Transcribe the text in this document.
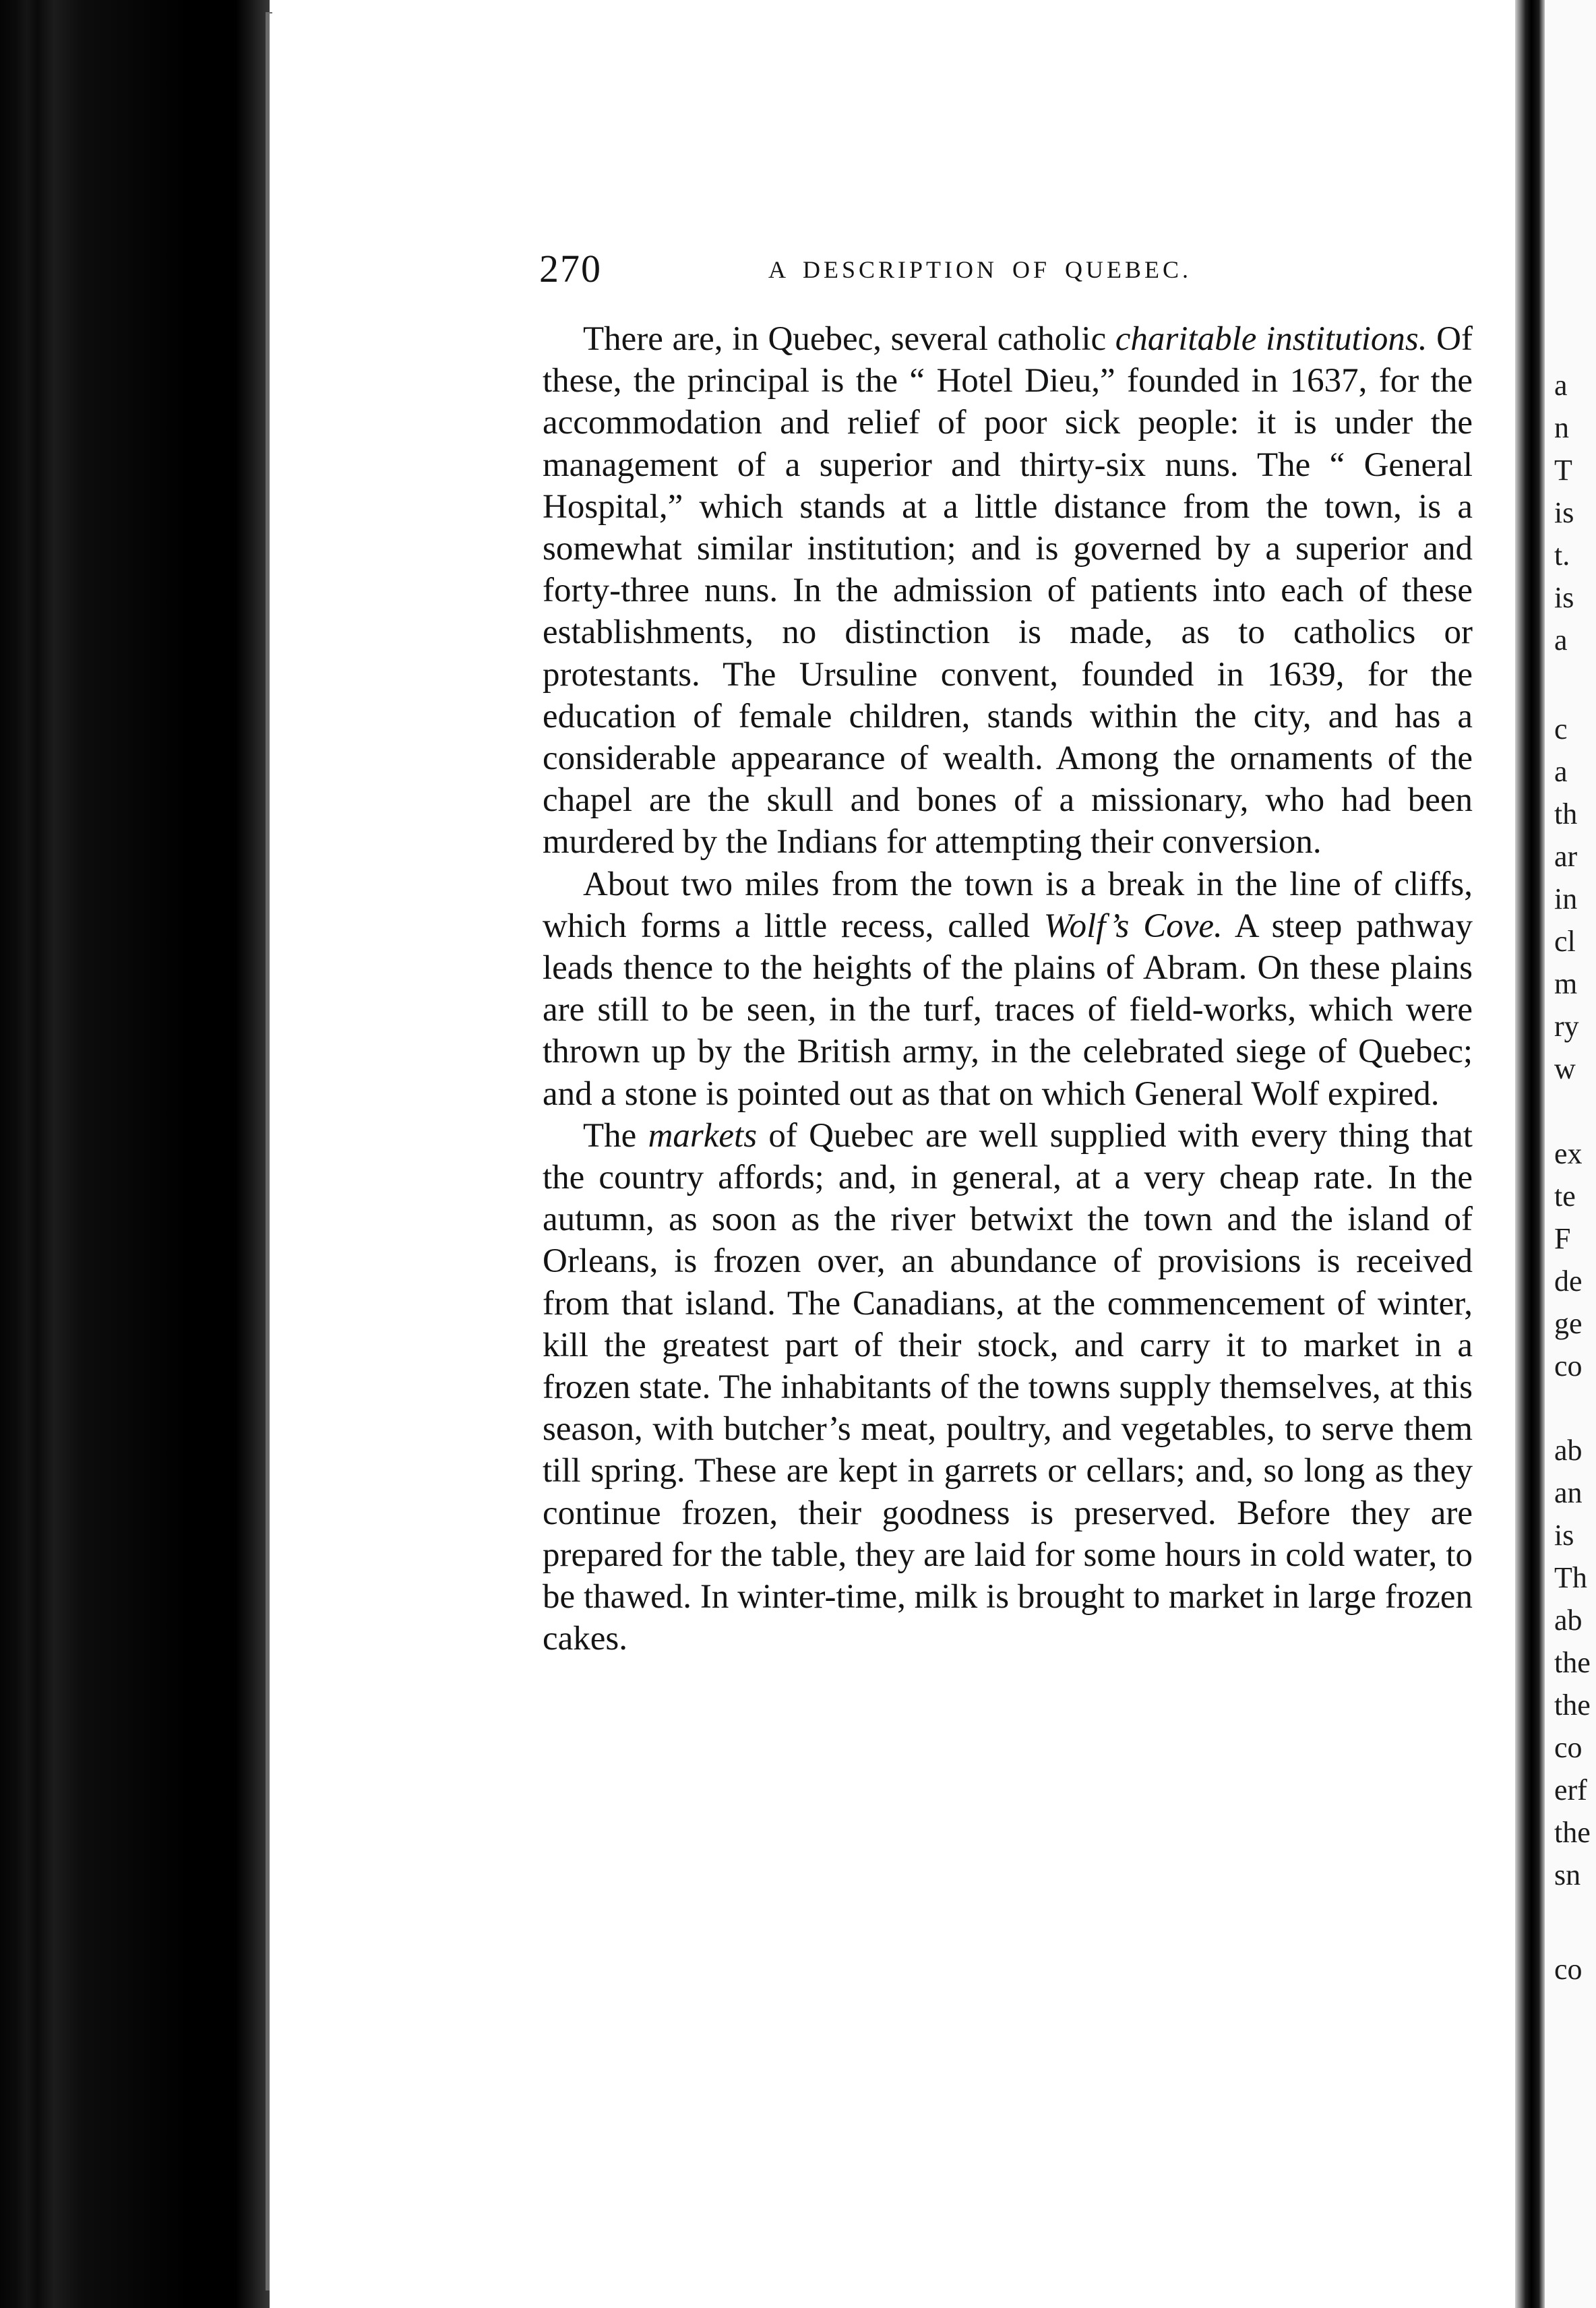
270	A DESCRIPTION OF QUEBEC.

There are, in Quebec, several catholic charitable institutions. Of these, the principal is the “ Hotel Dieu,” founded in 1637, for the accommodation and relief of poor sick people: it is under the management of a superior and thirty-six nuns. The “ General Hospital,” which stands at a little distance from the town, is a somewhat similar institution; and is governed by a superior and forty-three nuns. In the admission of patients into each of these establishments, no distinction is made, as to catholics or protestants. The Ursuline convent, founded in 1639, for the education of female children, stands within the city, and has a considerable appearance of wealth. Among the ornaments of the chapel are the skull and bones of a missionary, who had been murdered by the Indians for attempting their conversion.

About two miles from the town is a break in the line of cliffs, which forms a little recess, called Wolf’s Cove. A steep pathway leads thence to the heights of the plains of Abram. On these plains are still to be seen, in the turf, traces of field-works, which were thrown up by the British army, in the celebrated siege of Quebec; and a stone is pointed out as that on which General Wolf expired.

The markets of Quebec are well supplied with every thing that the country affords; and, in general, at a very cheap rate. In the autumn, as soon as the river betwixt the town and the island of Orleans, is frozen over, an abundance of provisions is received from that island. The Canadians, at the commencement of winter, kill the greatest part of their stock, and carry it to market in a frozen state. The inhabitants of the towns supply themselves, at this season, with butcher’s meat, poultry, and vegetables, to serve them till spring. These are kept in garrets or cellars; and, so long as they continue frozen, their goodness is preserved. Before they are prepared for the table, they are laid for some hours in cold water, to be thawed. In winter-time, milk is brought to market in large frozen cakes.

a
n
T
is
t.
is
a
c
a
th
ar
in
cl
m
ry
w
ex
te
F
de
ge
co
ab
an
is
Th
ab
the
the
co
erf
the
sn
co
